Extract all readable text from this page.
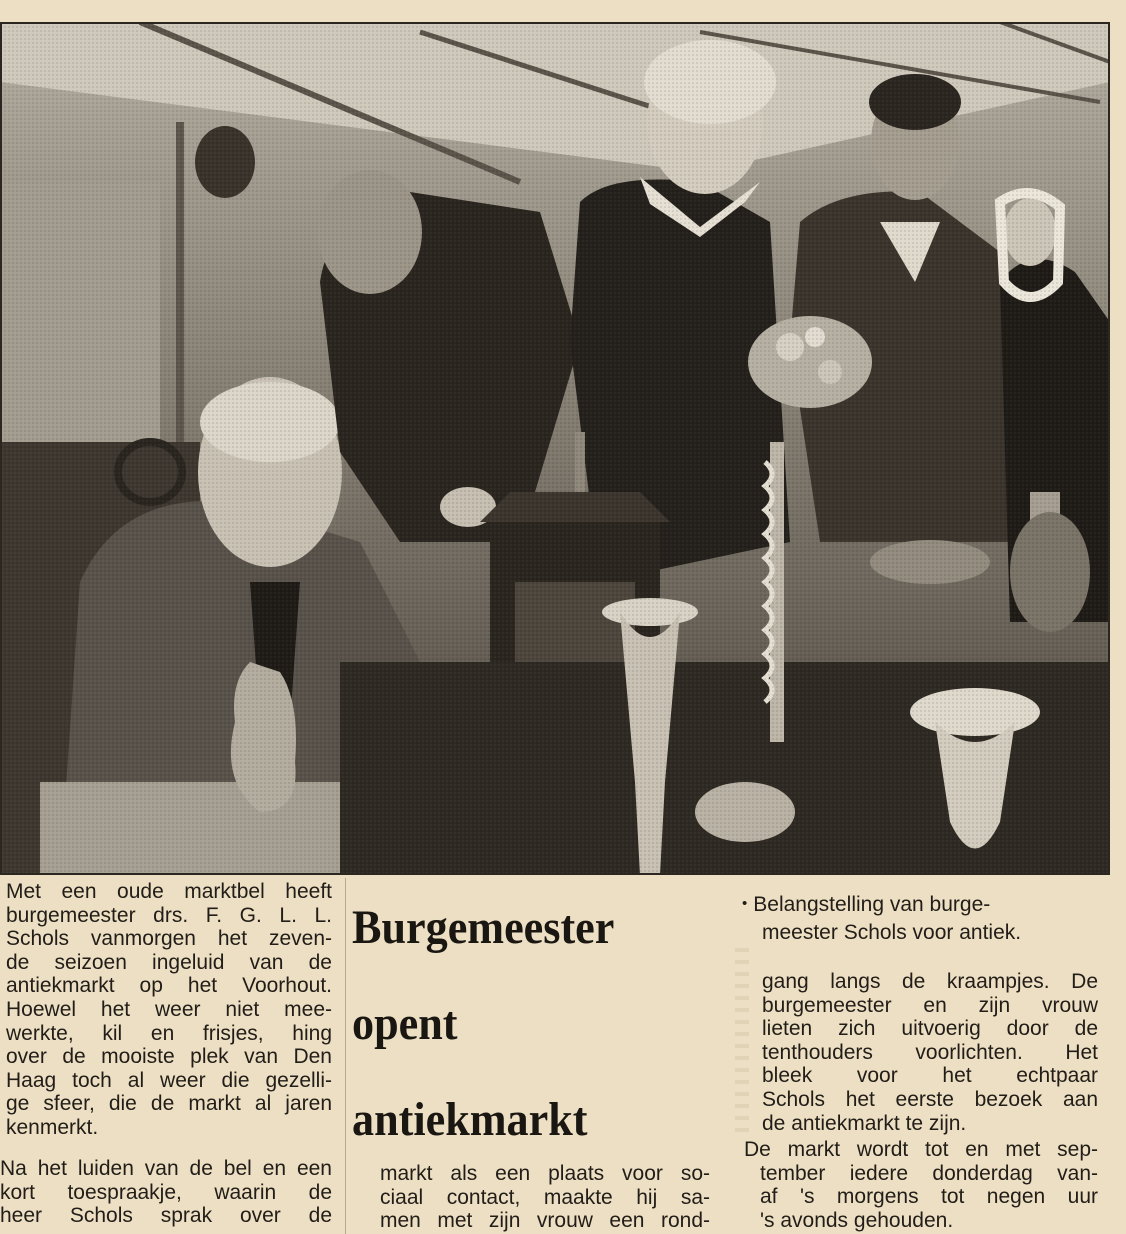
Met een oude marktbel heeft
burgemeester drs. F. G. L. L.
Schols vanmorgen het zeven-
de seizoen ingeluid van de
antiekmarkt op het Voorhout.
Hoewel het weer niet mee-
werkte, kil en frisjes, hing
over de mooiste plek van Den
Haag toch al weer die gezelli-
ge sfeer, die de markt al jaren
kenmerkt.
Na het luiden van de bel en een
kort toespraakje, waarin de
heer Schols sprak over de
Burgemeester
opent
antiekmarkt
markt als een plaats voor so-
ciaal contact, maakte hij sa-
men met zijn vrouw een rond-
• Belangstelling van burge-
meester Schols voor antiek.
gang langs de kraampjes. De
burgemeester en zijn vrouw
lieten zich uitvoerig door de
tenthouders voorlichten. Het
bleek voor het echtpaar
Schols het eerste bezoek aan
de antiekmarkt te zijn.
De markt wordt tot en met sep-
tember iedere donderdag van-
af 's morgens tot negen uur
's avonds gehouden.
